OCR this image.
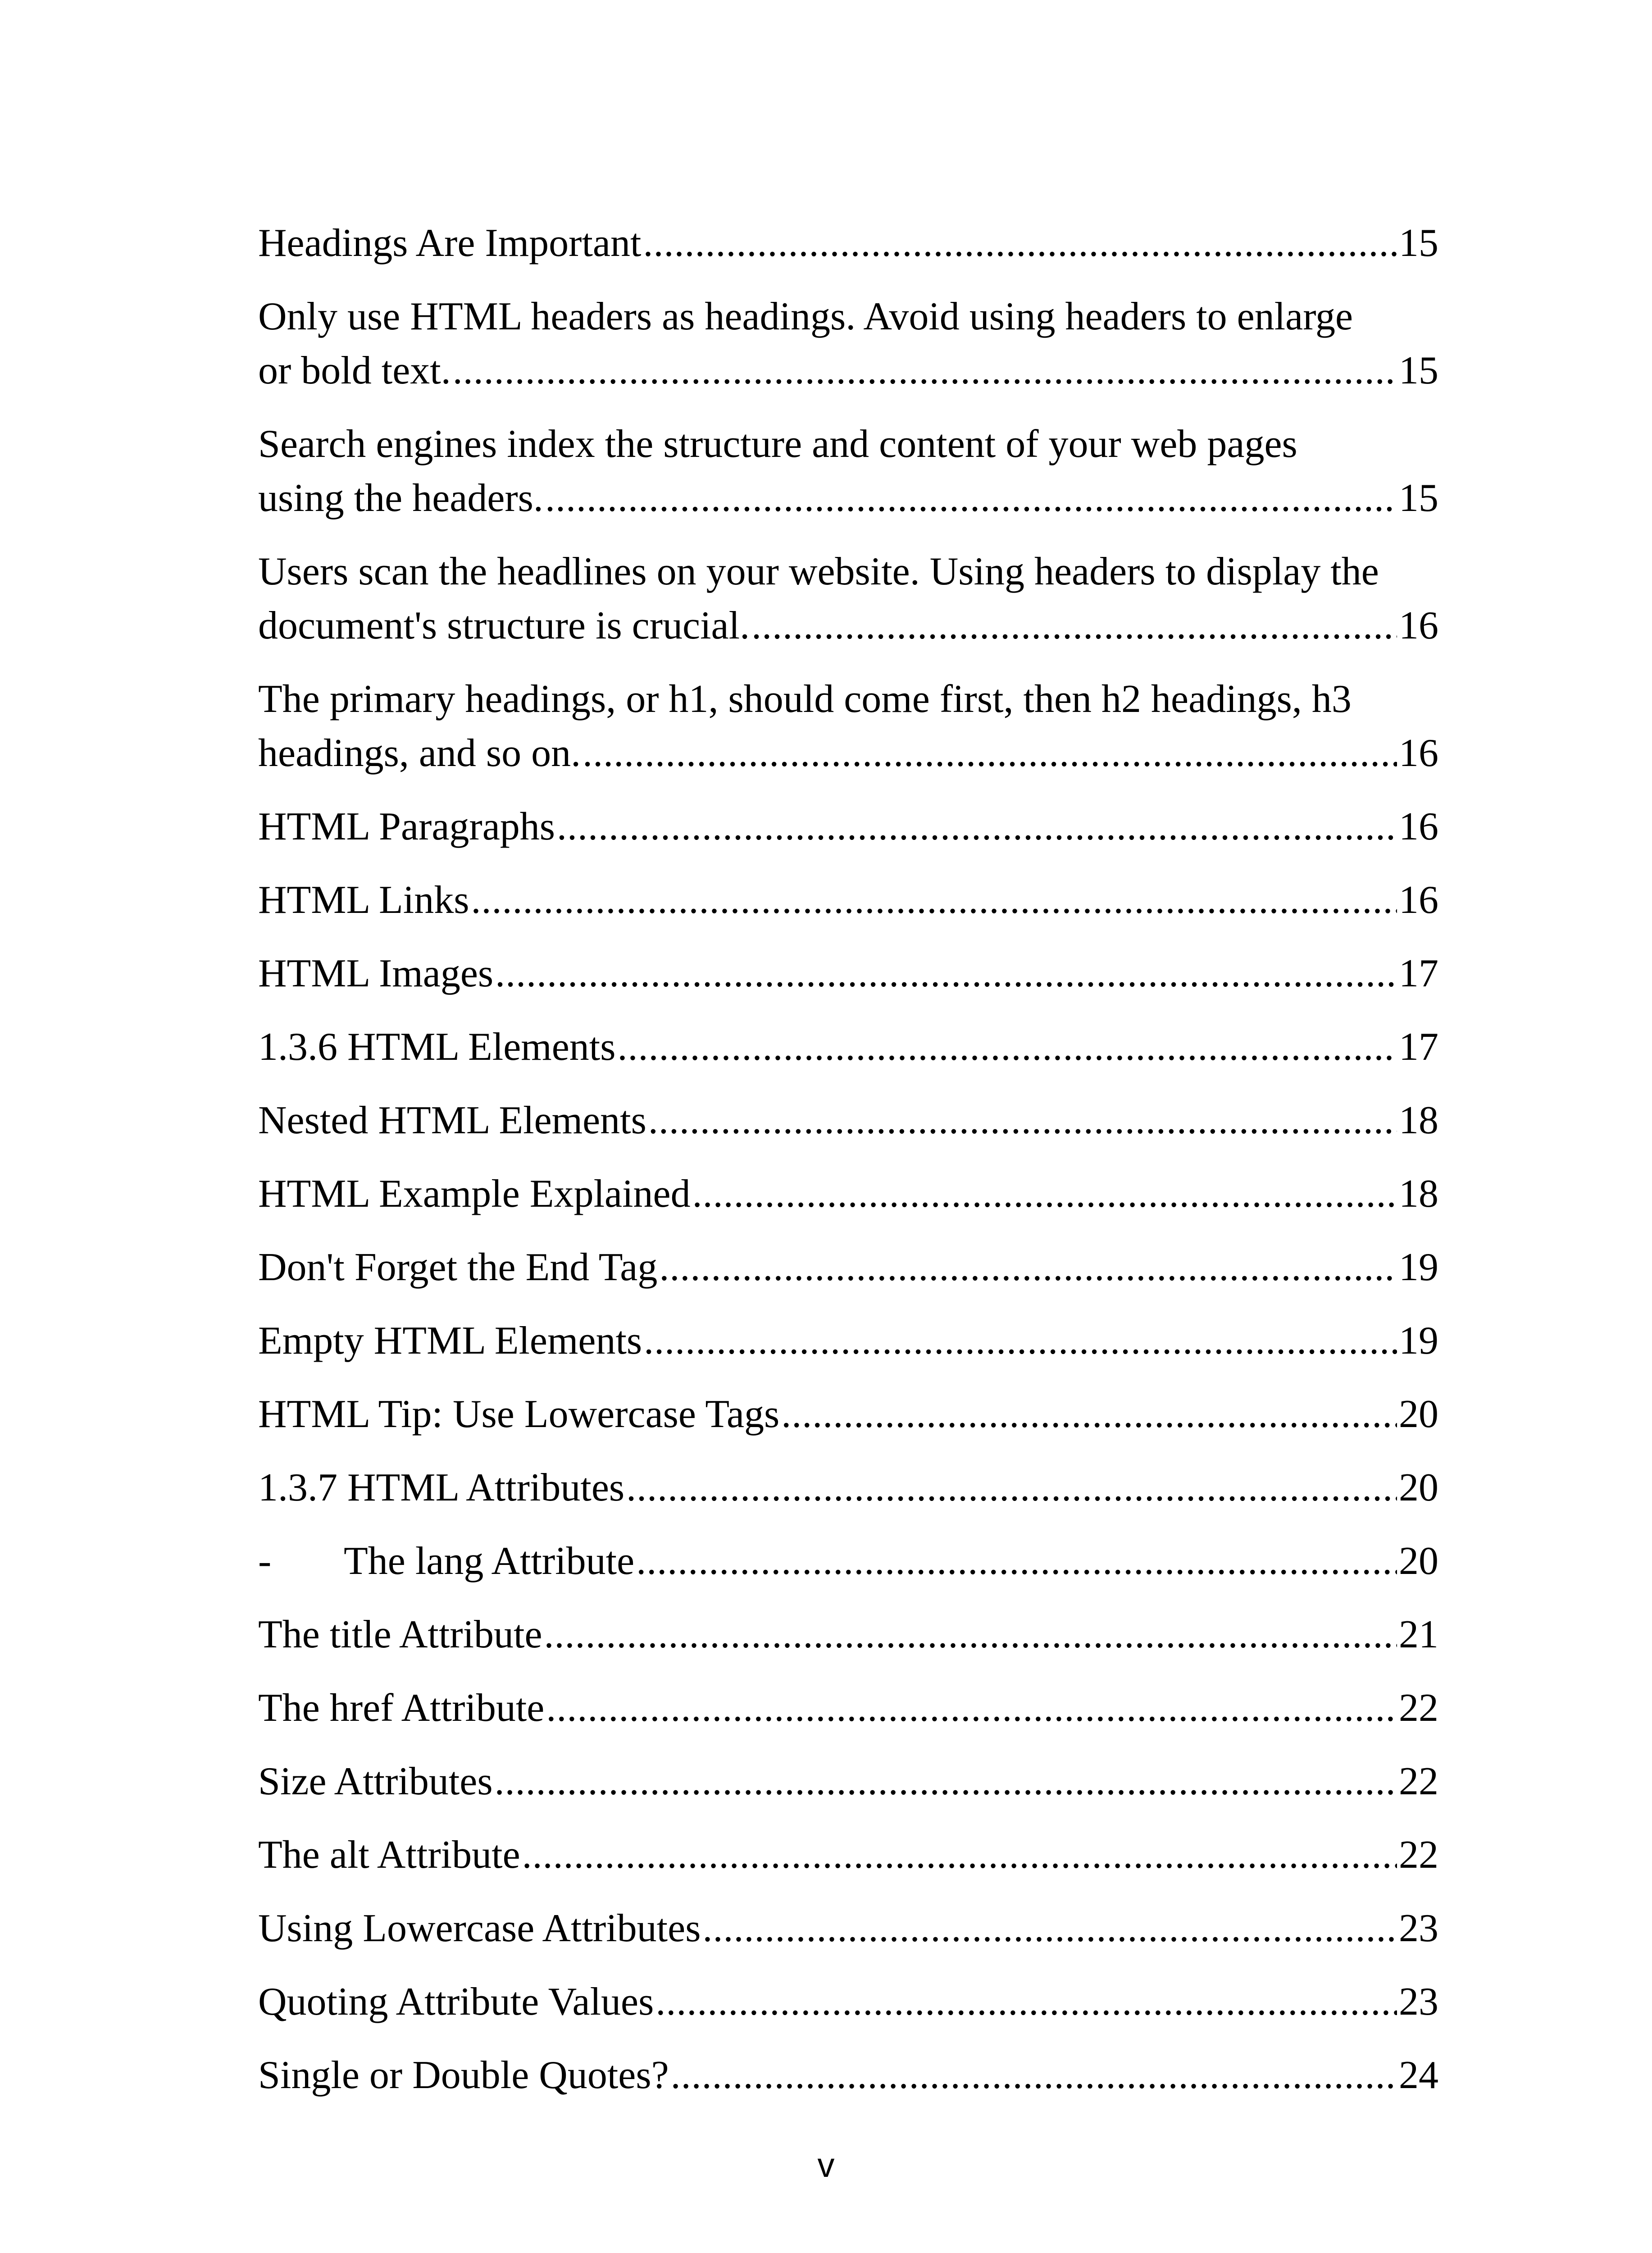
Headings Are Important .....	15
Only use HTML headers as headings. Avoid using headers to enlarge
or bold text. .....	15
Search engines index the structure and content of your web pages
using the headers. .....	15
Users scan the headlines on your website. Using headers to display the
document's structure is crucial. .....	16
The primary headings, or h1, should come first, then h2 headings, h3
headings, and so on. .....	16
HTML Paragraphs .....	16
HTML Links .....	16
HTML Images .....	17
1.3.6 HTML Elements .....	17
Nested HTML Elements .....	18
HTML Example Explained .....	18
Don't Forget the End Tag .....	19
Empty HTML Elements .....	19
HTML Tip: Use Lowercase Tags .....	20
1.3.7 HTML Attributes .....	20
- The lang Attribute .....	20
The title Attribute .....	21
The href Attribute .....	22
Size Attributes .....	22
The alt Attribute .....	22
Using Lowercase Attributes .....	23
Quoting Attribute Values .....	23
Single or Double Quotes? .....	24
v
